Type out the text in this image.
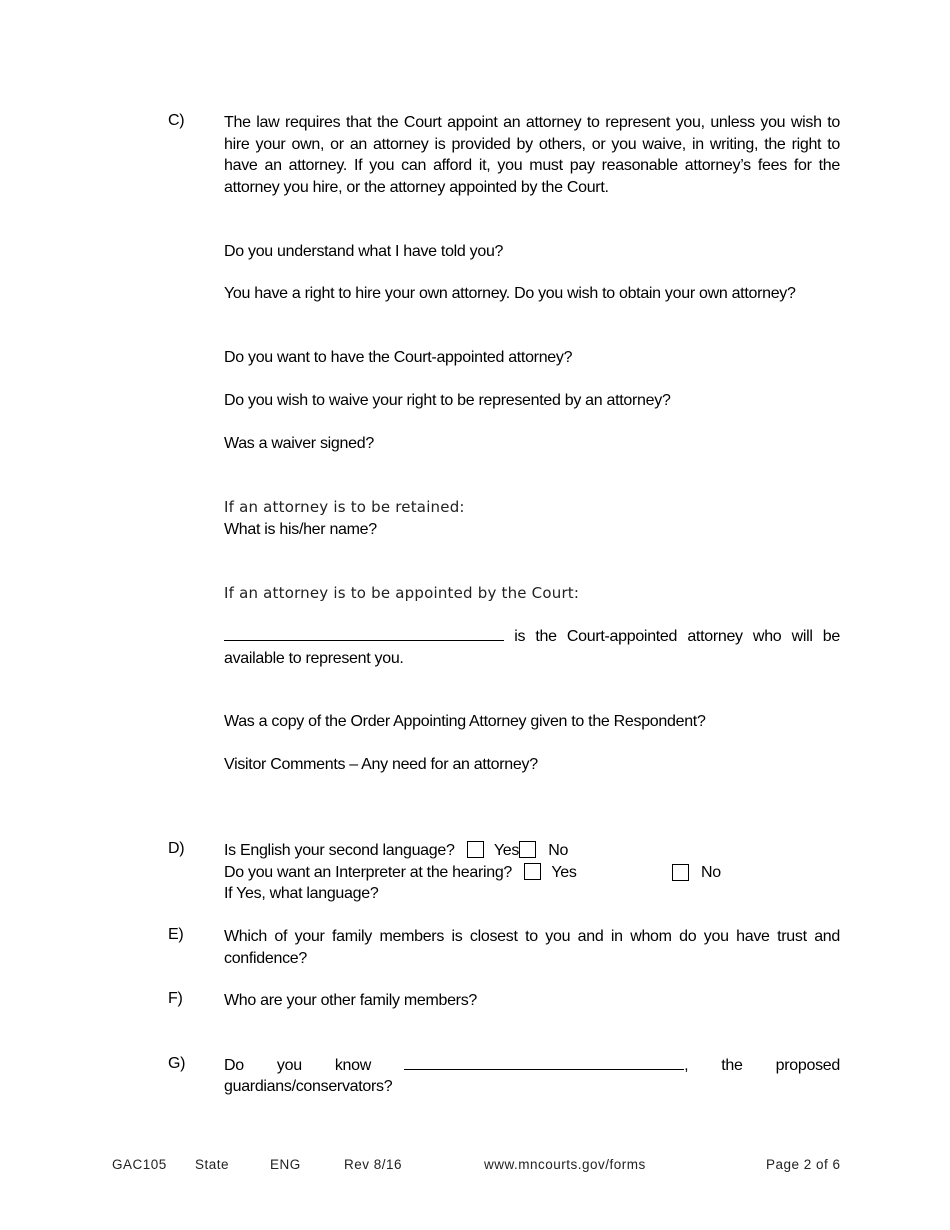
C) The law requires that the Court appoint an attorney to represent you, unless you wish to hire your own, or an attorney is provided by others, or you waive, in writing, the right to have an attorney. If you can afford it, you must pay reasonable attorney’s fees for the attorney you hire, or the attorney appointed by the Court.
Do you understand what I have told you?
You have a right to hire your own attorney. Do you wish to obtain your own attorney?
Do you want to have the Court-appointed attorney?
Do you wish to waive your right to be represented by an attorney?
Was a waiver signed?
If an attorney is to be retained:
What is his/her name?
If an attorney is to be appointed by the Court:
is the Court-appointed attorney who will be available to represent you.
Was a copy of the Order Appointing Attorney given to the Respondent?
Visitor Comments – Any need for an attorney?
D) Is English your second language? Yes No
Do you want an Interpreter at the hearing? Yes	No
If Yes, what language?
E)	Which of your family members is closest to you and in whom do you have trust and confidence?
F)	Who are your other family members?
G) Do you know	, the proposed
guardians/conservators?
GAC105 State	ENG	Rev 8/16	www.mncourts.gov/forms	Page 2 of 6
